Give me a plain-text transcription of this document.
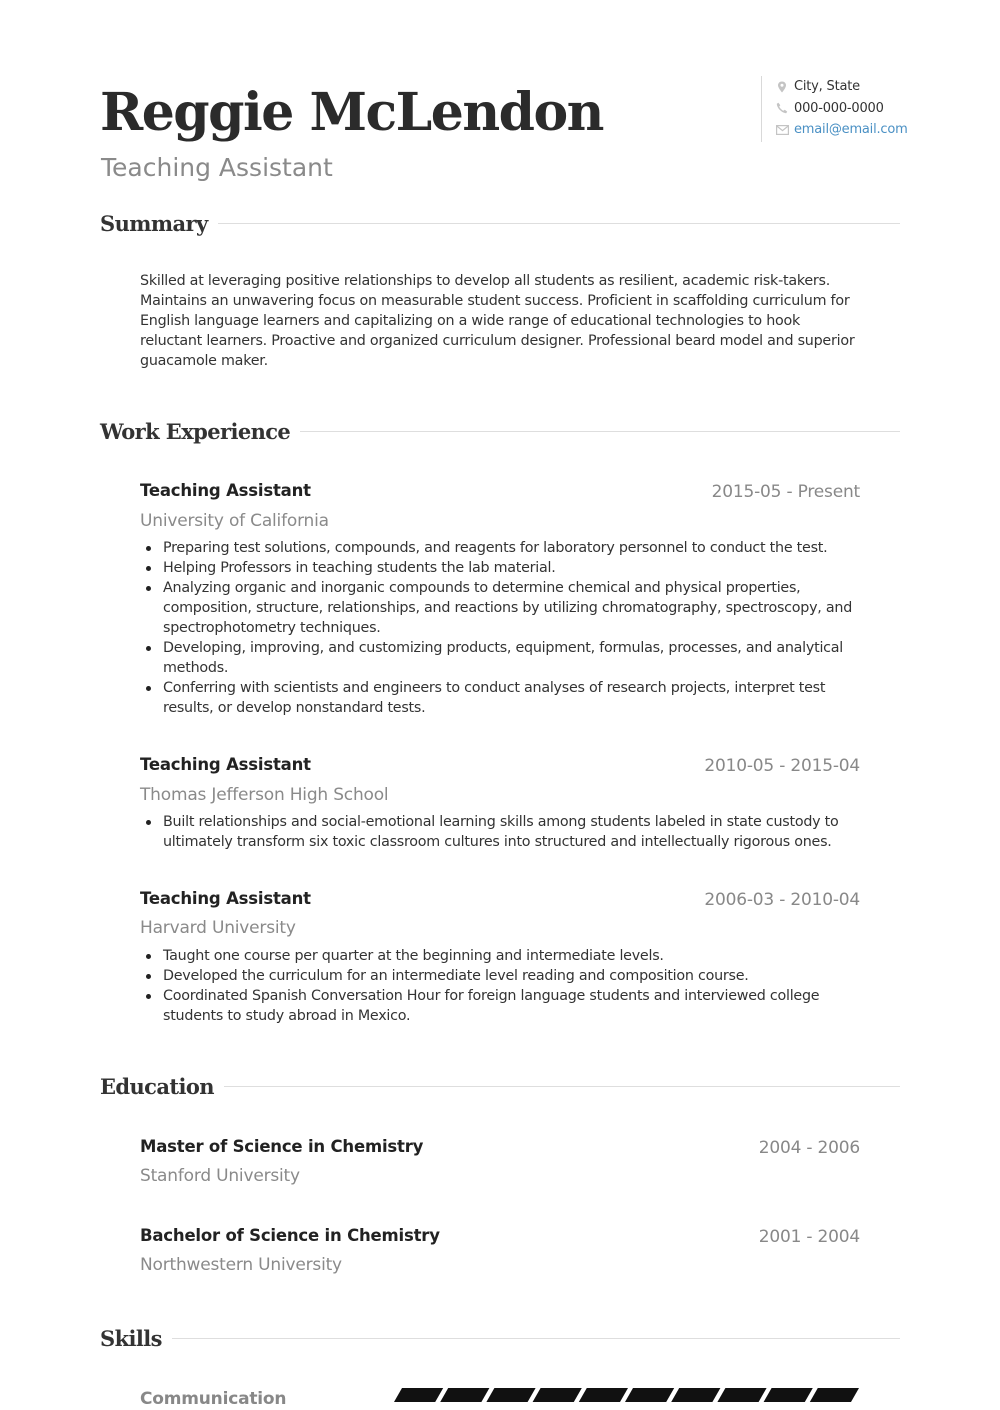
Reggie McLendon
Teaching Assistant
City, State
000-000-0000
email@email.com
Summary

Skilled at leveraging positive relationships to develop all students as resilient, academic risk-takers. Maintains an unwavering focus on measurable student success. Proficient in scaffolding curriculum for English language learners and capitalizing on a wide range of educational technologies to hook reluctant learners. Proactive and organized curriculum designer. Professional beard model and superior guacamole maker.

Work Experience
Teaching Assistant	2015-05 - Present
University of California
Preparing test solutions, compounds, and reagents for laboratory personnel to conduct the test.
Helping Professors in teaching students the lab material.
Analyzing organic and inorganic compounds to determine chemical and physical properties, composition, structure, relationships, and reactions by utilizing chromatography, spectroscopy, and spectrophotometry techniques.
Developing, improving, and customizing products, equipment, formulas, processes, and analytical methods.
Conferring with scientists and engineers to conduct analyses of research projects, interpret test results, or develop nonstandard tests.
Teaching Assistant	2010-05 - 2015-04
Thomas Jefferson High School
Built relationships and social-emotional learning skills among students labeled in state custody to ultimately transform six toxic classroom cultures into structured and intellectually rigorous ones.
Teaching Assistant	2006-03 - 2010-04
Harvard University
Taught one course per quarter at the beginning and intermediate levels.
Developed the curriculum for an intermediate level reading and composition course.
Coordinated Spanish Conversation Hour for foreign language students and interviewed college students to study abroad in Mexico.
Education
Master of Science in Chemistry	2004 - 2006
Stanford University
Bachelor of Science in Chemistry	2001 - 2004
Northwestern University
Skills
Communication
